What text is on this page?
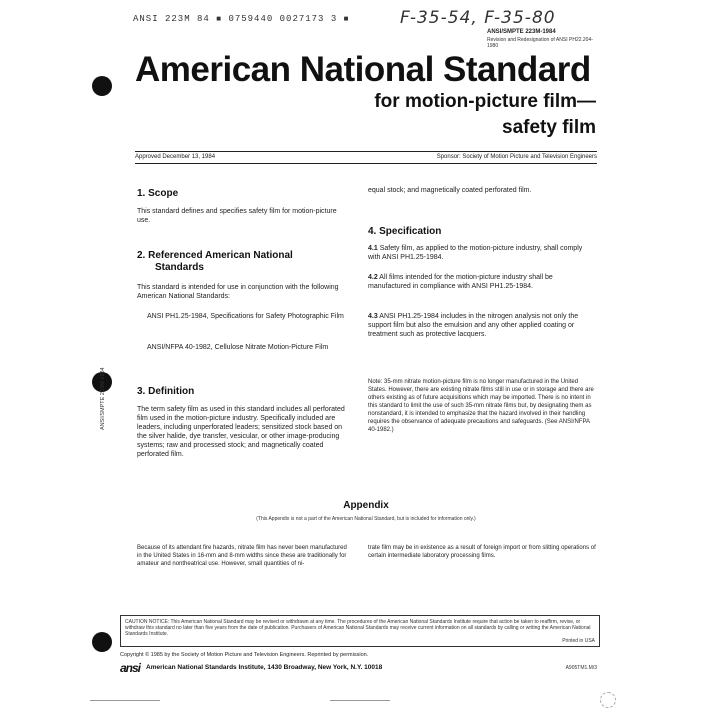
ANSI 223M 84 ■ 0759440 0027173 3 ■	F-35-54, F-35-80
ANSI/SMPTE 223M-1984
Revision and Redesignation of ANSI PH22.204-1980
American National Standard
for motion-picture film—
safety film
Approved December 13, 1984	Sponsor: Society of Motion Picture and Television Engineers
ANSI/SMPTE 223M-1984
1. Scope
This standard defines and specifies safety film for motion-picture use.
2. Referenced American National
Standards
This standard is intended for use in conjunction with the following American National Standards:
ANSI PH1.25-1984, Specifications for Safety Photographic Film
ANSI/NFPA 40-1982, Cellulose Nitrate Motion-Picture Film
3. Definition
The term safety film as used in this standard includes all perforated film used in the motion-picture industry. Specifically included are leaders, including unperforated leaders; sensitized stock based on the silver halide, dye transfer, vesicular, or other image-producing systems; raw and processed stock; and magnetically coated perforated film.
equal stock; and magnetically coated perforated film.
4. Specification
4.1 Safety film, as applied to the motion-picture industry, shall comply with ANSI PH1.25-1984.
4.2 All films intended for the motion-picture industry shall be manufactured in compliance with ANSI PH1.25-1984.
4.3 ANSI PH1.25-1984 includes in the nitrogen analysis not only the support film but also the emulsion and any other applied coating or treatment such as protective lacquers.
Note: 35-mm nitrate motion-picture film is no longer manufactured in the United States. However, there are existing nitrate films still in use or in storage and there are others existing as of future acquisitions which may be imported. There is no intent in this standard to limit the use of such 35-mm nitrate films but, by designating them as nonstandard, it is intended to emphasize that the hazard involved in their handling requires the observance of adequate precautions and safeguards. (See ANSI/NFPA 40-1982.)
Appendix
(This Appendix is not a part of the American National Standard, but is included for information only.)
Because of its attendant fire hazards, nitrate film has never been manufactured in the United States in 16-mm and 8-mm widths since these are traditionally for amateur and nontheatrical use. However, small quantities of ni-
trate film may be in existence as a result of foreign import or from slitting operations of certain intermediate laboratory processing films.
CAUTION NOTICE: This American National Standard may be revised or withdrawn at any time. The procedures of the American National Standards Institute require that action be taken to reaffirm, revise, or withdraw this standard no later than five years from the date of publication. Purchasers of American National Standards may receive current information on all standards by calling or writing the American National Standards Institute.
Printed in USA
Copyright © 1985 by the Society of Motion Picture and Television Engineers. Reprinted by permission.
ansi American National Standards Institute, 1430 Broadway, New York, N.Y. 10018	A905TM1.M/3
